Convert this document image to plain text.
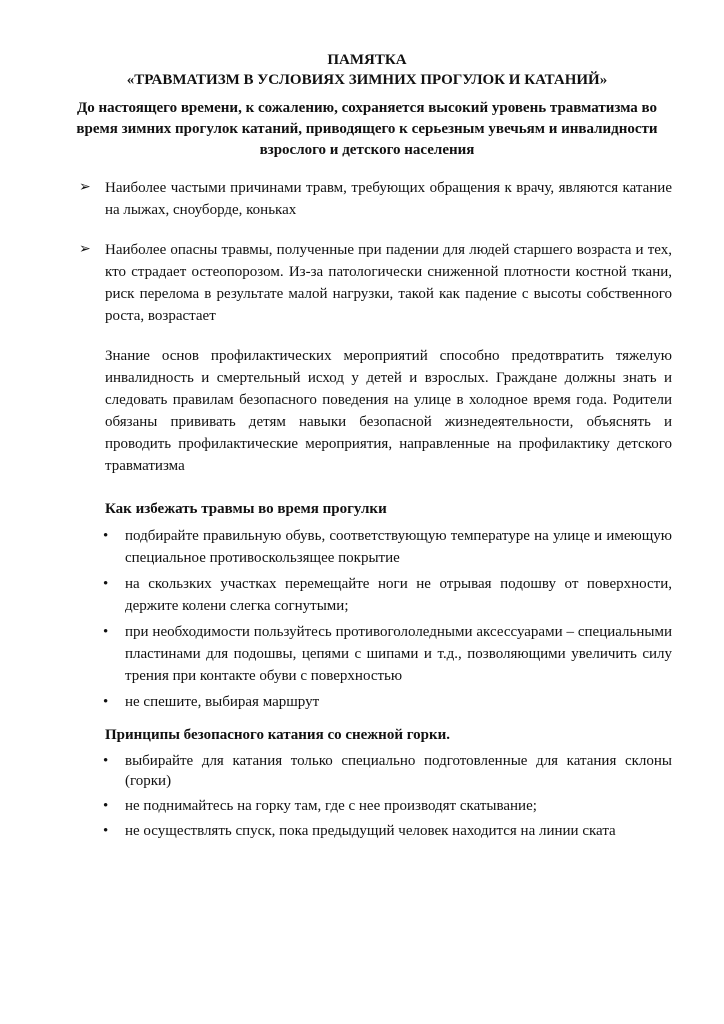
ПАМЯТКА
«ТРАВМАТИЗМ В УСЛОВИЯХ ЗИМНИХ ПРОГУЛОК И КАТАНИЙ»
До настоящего времени, к сожалению, сохраняется высокий уровень травматизма во время зимних прогулок катаний, приводящего к серьезным увечьям и инвалидности взрослого и детского населения
➢ Наиболее частыми причинами травм, требующих обращения к врачу, являются катание на лыжах, сноуборде, коньках
➢ Наиболее опасны травмы, полученные при падении для людей старшего возраста и тех, кто страдает остеопорозом. Из-за патологически сниженной плотности костной ткани, риск перелома в результате малой нагрузки, такой как падение с высоты собственного роста, возрастает
Знание основ профилактических мероприятий способно предотвратить тяжелую инвалидность и смертельный исход у детей и взрослых. Граждане должны знать и следовать правилам безопасного поведения на улице в холодное время года. Родители обязаны прививать детям навыки безопасной жизнедеятельности, объяснять и проводить профилактические мероприятия, направленные на профилактику детского травматизма
Как избежать травмы во время прогулки
• подбирайте правильную обувь, соответствующую температуре на улице и имеющую специальное противоскользящее покрытие
• на скользких участках перемещайте ноги не отрывая подошву от поверхности, держите колени слегка согнутыми;
• при необходимости пользуйтесь противогололедными аксессуарами – специальными пластинами для подошвы, цепями с шипами и т.д., позволяющими увеличить силу трения при контакте обуви с поверхностью
• не спешите, выбирая маршрут
Принципы безопасного катания со снежной горки.
• выбирайте для катания только специально подготовленные для катания склоны (горки)
• не поднимайтесь на горку там, где с нее производят скатывание;
• не осуществлять спуск, пока предыдущий человек находится на линии ската
